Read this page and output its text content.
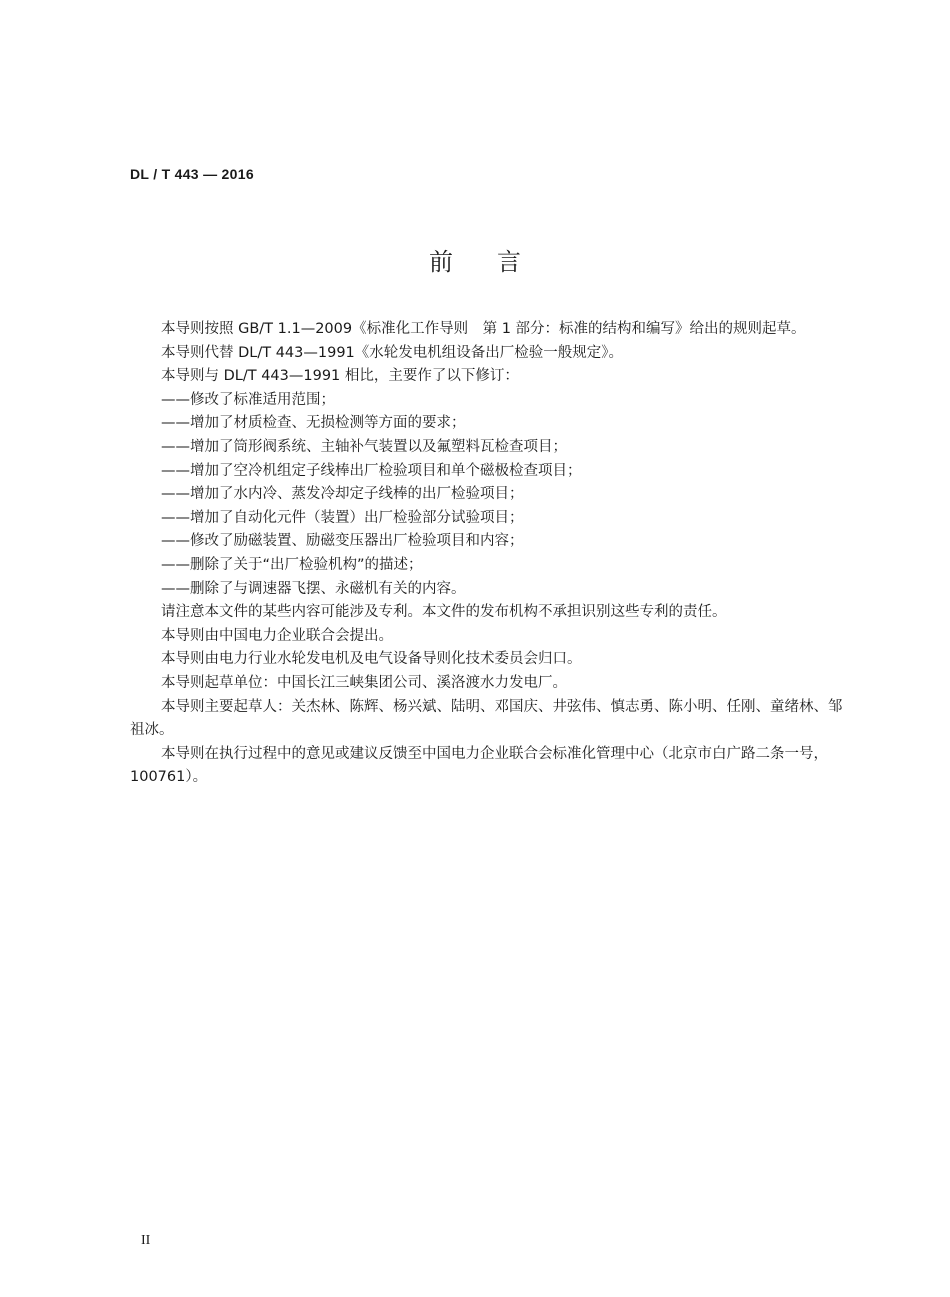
DL / T 443 — 2016
前言

本导则按照 GB/T 1.1—2009《标准化工作导则　第 1 部分：标准的结构和编写》给出的规则起草。

本导则代替 DL/T 443—1991《水轮发电机组设备出厂检验一般规定》。

本导则与 DL/T 443—1991 相比，主要作了以下修订：

——修改了标准适用范围；

——增加了材质检查、无损检测等方面的要求；

——增加了筒形阀系统、主轴补气装置以及氟塑料瓦检查项目；

——增加了空冷机组定子线棒出厂检验项目和单个磁极检查项目；

——增加了水内冷、蒸发冷却定子线棒的出厂检验项目；

——增加了自动化元件（装置）出厂检验部分试验项目；

——修改了励磁装置、励磁变压器出厂检验项目和内容；

——删除了关于“出厂检验机构”的描述；

——删除了与调速器飞摆、永磁机有关的内容。

请注意本文件的某些内容可能涉及专利。本文件的发布机构不承担识别这些专利的责任。

本导则由中国电力企业联合会提出。

本导则由电力行业水轮发电机及电气设备导则化技术委员会归口。

本导则起草单位：中国长江三峡集团公司、溪洛渡水力发电厂。

本导则主要起草人：关杰林、陈辉、杨兴斌、陆明、邓国庆、井弦伟、慎志勇、陈小明、任刚、童绪林、邹祖冰。

本导则在执行过程中的意见或建议反馈至中国电力企业联合会标准化管理中心（北京市白广路二条一号，100761）。

II
